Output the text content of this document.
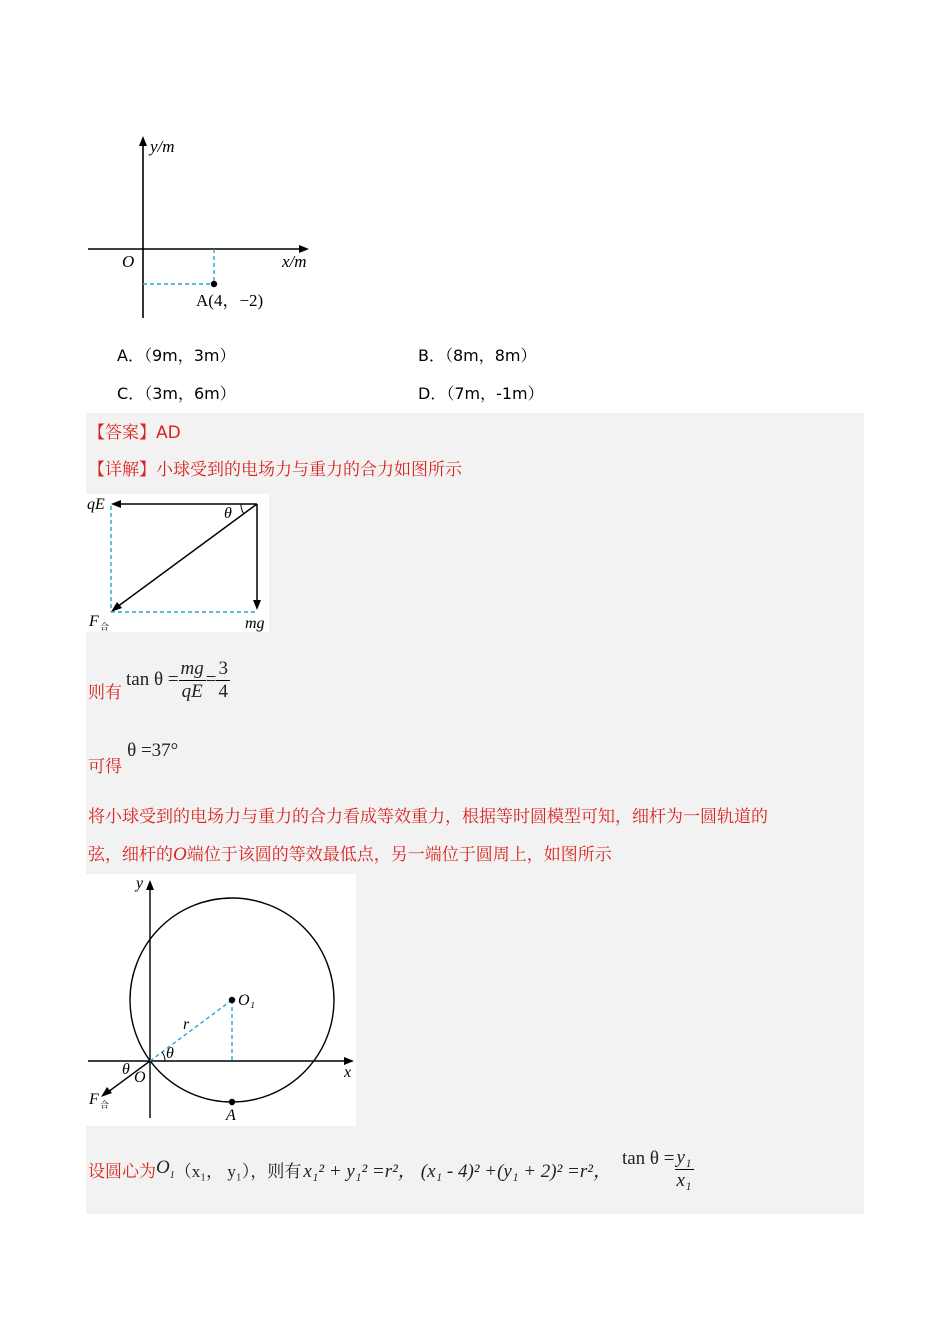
y/m
x/m
O
A(4，−2)
A．（9m，3m）	B．（8m，8m）
C．（3m，6m）	D．（7m，-1m）
【答案】AD
【详解】小球受到的电场力与重力的合力如图所示
qE
θ
F 合	mg
则有
$\tan \theta = \frac{mg}{qE} = \frac{3}{4}$
可得 θ =37°
将小球受到的电场力与重力的合力看成等效重力，根据等时圆模型可知，细杆为一圆轨道的
弦，细杆的O端位于该圆的等效最低点，另一端位于圆周上，如图所示
y
x
O
O₁
r
θ
θ
F 合
A
设圆心为 $O_1$ （x₁， y₁），则有 x₁² + y₁² =r²， (x₁ - 4)² +(y₁ + 2)² =r²，
$\tan \theta = \frac{\text{y₁}}{\text{x₁}}$
